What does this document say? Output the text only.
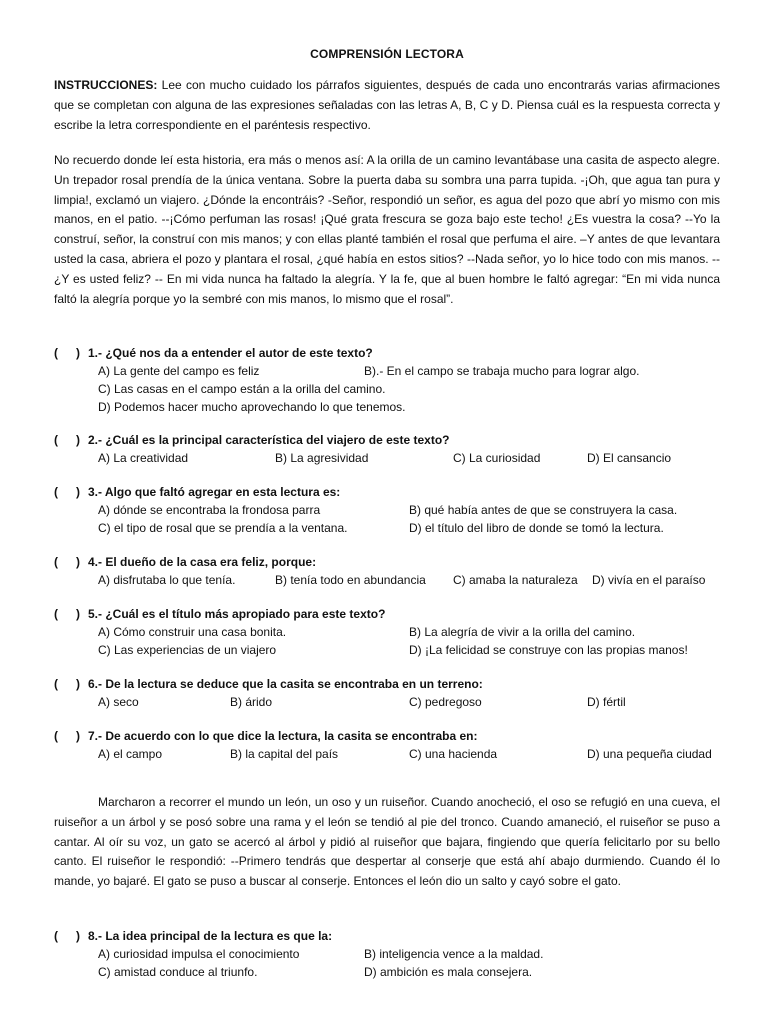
COMPRENSIÓN LECTORA

INSTRUCCIONES: Lee con mucho cuidado los párrafos siguientes, después de cada uno encontrarás varias afirmaciones que se completan con alguna de las expresiones señaladas con las letras A, B, C y D. Piensa cuál es la respuesta correcta y escribe la letra correspondiente en el paréntesis respectivo.

No recuerdo donde leí esta historia, era más o menos así: A la orilla de un camino levantábase una casita de aspecto alegre. Un trepador rosal prendía de la única ventana. Sobre la puerta daba su sombra una parra tupida. -¡Oh, que agua tan pura y limpia!, exclamó un viajero. ¿Dónde la encontráis? -Señor, respondió un señor, es agua del pozo que abrí yo mismo con mis manos, en el patio. --¡Cómo perfuman las rosas! ¡Qué grata frescura se goza bajo este techo! ¿Es vuestra la cosa? --Yo la construí, señor, la construí con mis manos; y con ellas planté también el rosal que perfuma el aire. –Y antes de que levantara usted la casa, abriera el pozo y plantara el rosal, ¿qué había en estos sitios? --Nada señor, yo lo hice todo con mis manos. --¿Y es usted feliz? -- En mi vida nunca ha faltado la alegría. Y la fe, que al buen hombre le faltó agregar: “En mi vida nunca faltó la alegría porque yo la sembré con mis manos, lo mismo que el rosal”.

( ) 1.- ¿Qué nos da a entender el autor de este texto?
A) La gente del campo es feliz	B).- En el campo se trabaja mucho para lograr algo.
C) Las casas en el campo están a la orilla del camino.
D) Podemos hacer mucho aprovechando lo que tenemos.
( ) 2.- ¿Cuál es la principal característica del viajero de este texto?
A) La creatividad	B) La agresividad	C) La curiosidad	D) El cansancio
( ) 3.- Algo que faltó agregar en esta lectura es:
A) dónde se encontraba la frondosa parra	B) qué había antes de que se construyera la casa.
C) el tipo de rosal que se prendía a la ventana.	D) el título del libro de donde se tomó la lectura.
( ) 4.- El dueño de la casa era feliz, porque:
A) disfrutaba lo que tenía.	B) tenía todo en abundancia C) amaba la naturaleza D) vivía en el paraíso
( ) 5.- ¿Cuál es el título más apropiado para este texto?
A) Cómo construir una casa bonita.	B) La alegría de vivir a la orilla del camino.
C) Las experiencias de un viajero	D) ¡La felicidad se construye con las propias manos!
( ) 6.- De la lectura se deduce que la casita se encontraba en un terreno:
A) seco	B) árido	C) pedregoso	D) fértil
( ) 7.- De acuerdo con lo que dice la lectura, la casita se encontraba en:
A) el campo	B) la capital del país	C) una hacienda	D) una pequeña ciudad

Marcharon a recorrer el mundo un león, un oso y un ruiseñor. Cuando anocheció, el oso se refugió en una cueva, el ruiseñor a un árbol y se posó sobre una rama y el león se tendió al pie del tronco. Cuando amaneció, el ruiseñor se puso a cantar. Al oír su voz, un gato se acercó al árbol y pidió al ruiseñor que bajara, fingiendo que quería felicitarlo por su bello canto. El ruiseñor le respondió: --Primero tendrás que despertar al conserje que está ahí abajo durmiendo. Cuando él lo mande, yo bajaré. El gato se puso a buscar al conserje. Entonces el león dio un salto y cayó sobre el gato.

( ) 8.- La idea principal de la lectura es que la:
A) curiosidad impulsa el conocimiento	B) inteligencia vence a la maldad.
C) amistad conduce al triunfo.	D) ambición es mala consejera.
